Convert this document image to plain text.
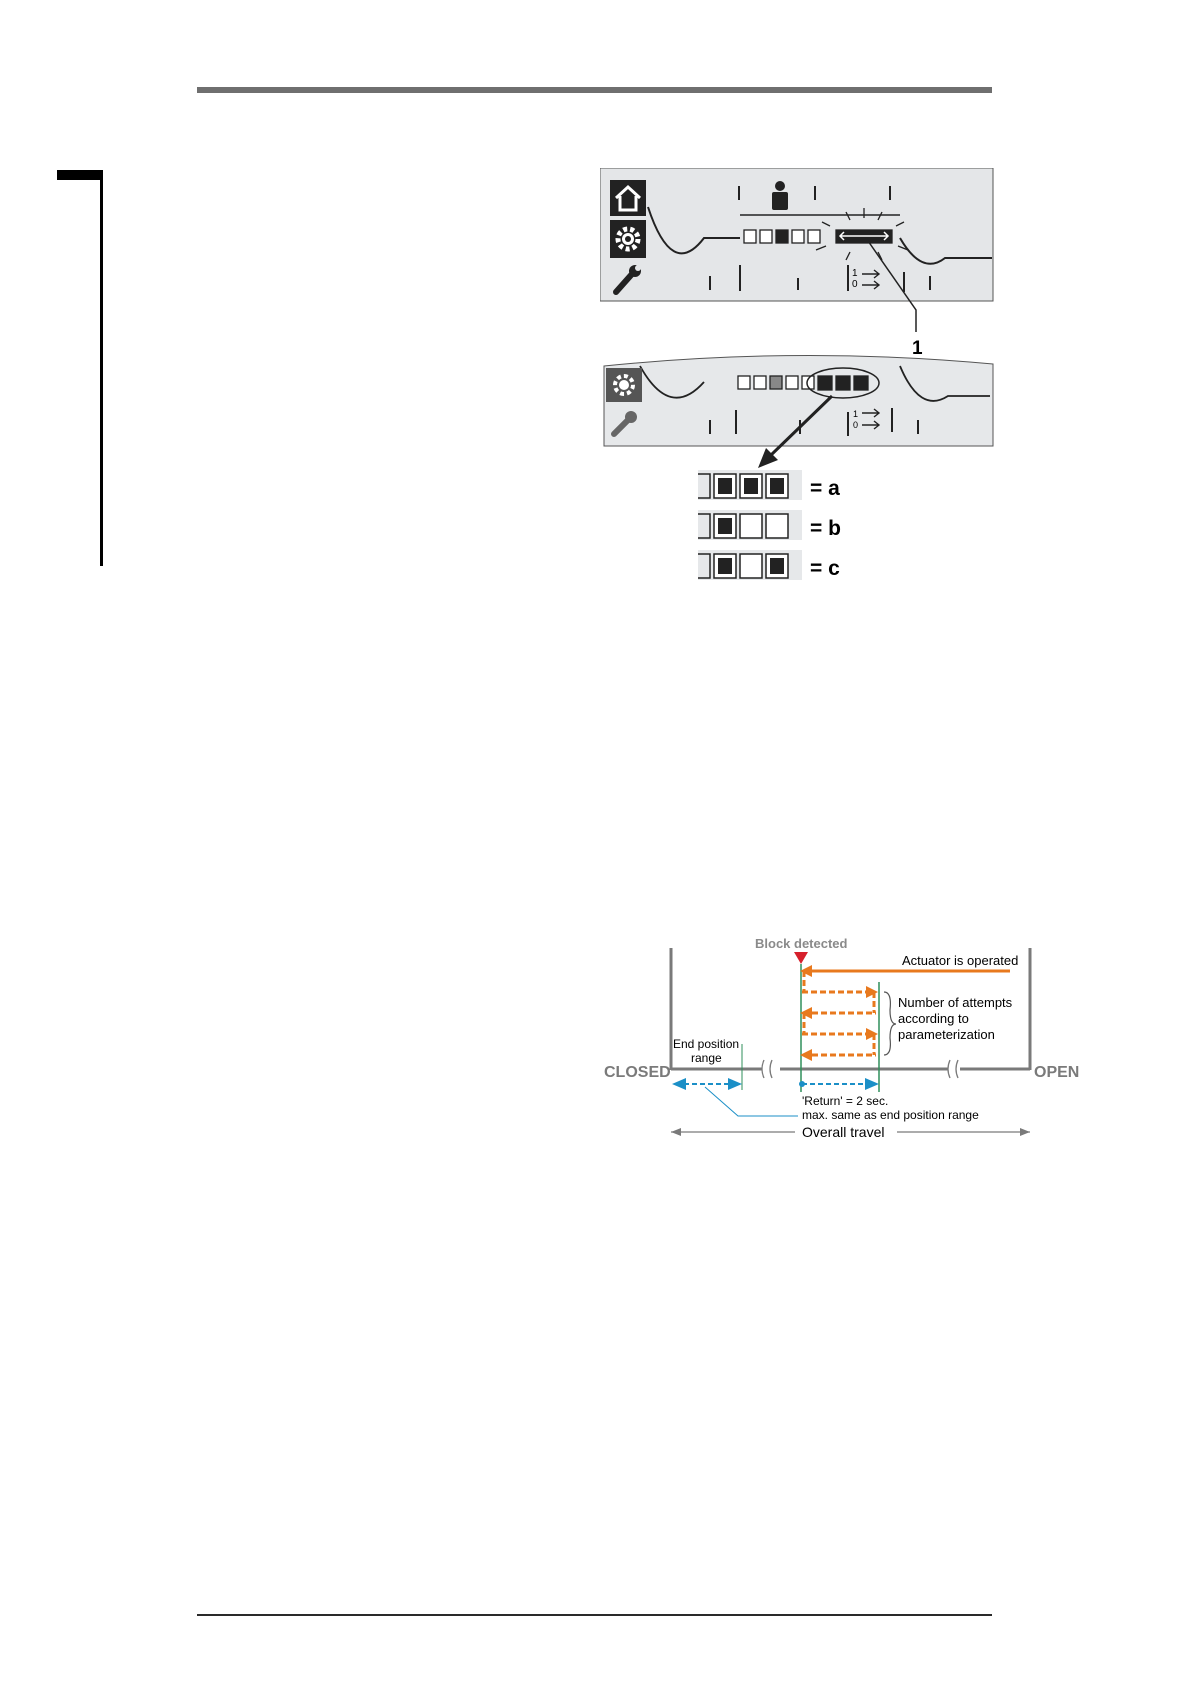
1
0
1
1
0
= a
= b
= c
CLOSED	OPEN
End position
range
Block detected
Actuator is operated
Number of attempts
according to
parameterization
'Return' = 2 sec.
max. same as end position range
Overall travel
